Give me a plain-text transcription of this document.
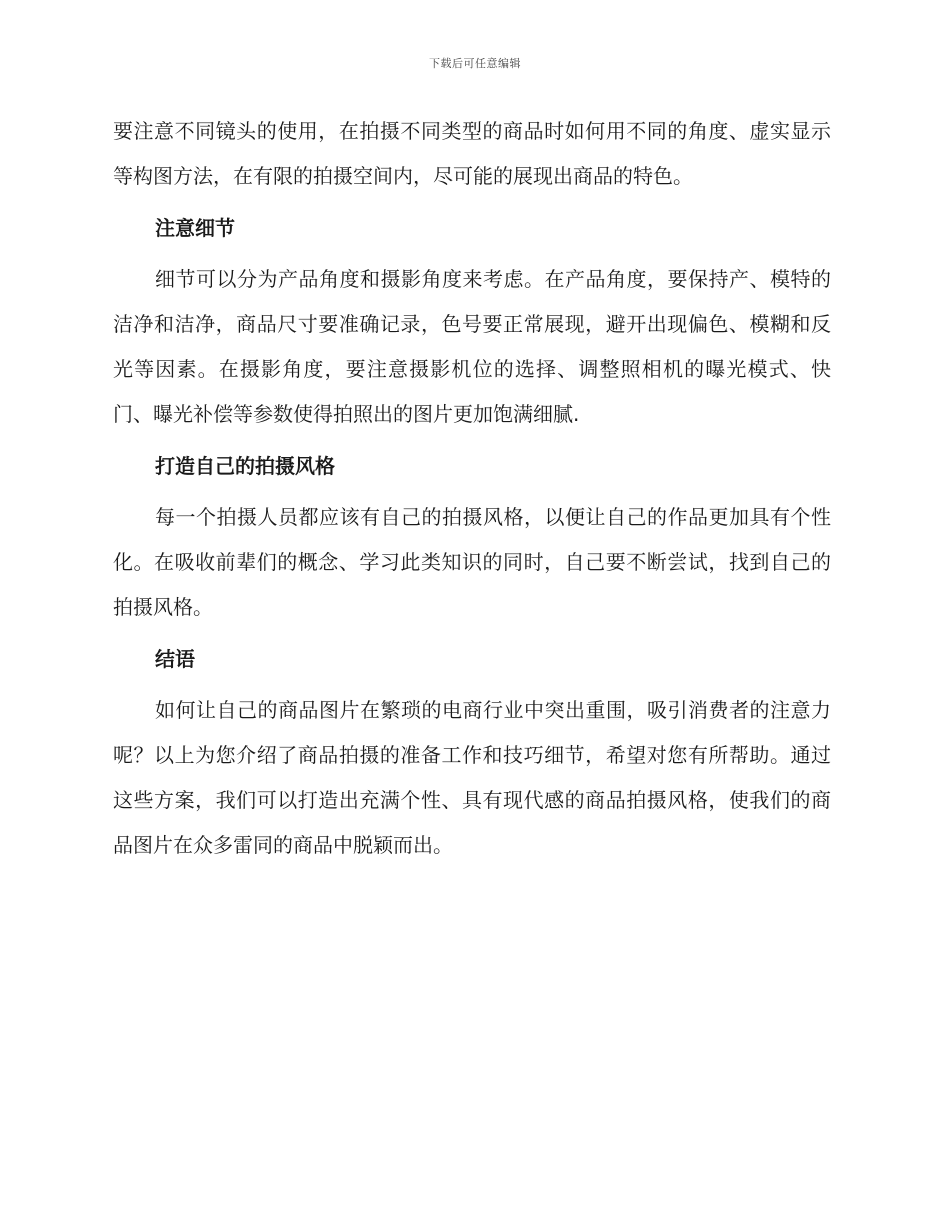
下载后可任意编辑

要注意不同镜头的使用，在拍摄不同类型的商品时如何用不同的角度、虚实显示等构图方法，在有限的拍摄空间内，尽可能的展现出商品的特色。

注意细节

细节可以分为产品角度和摄影角度来考虑。在产品角度，要保持产、模特的洁净和洁净，商品尺寸要准确记录，色号要正常展现，避开出现偏色、模糊和反光等因素。在摄影角度，要注意摄影机位的选择、调整照相机的曝光模式、快门、曝光补偿等参数使得拍照出的图片更加饱满细腻.

打造自己的拍摄风格

每一个拍摄人员都应该有自己的拍摄风格，以便让自己的作品更加具有个性化。在吸收前辈们的概念、学习此类知识的同时，自己要不断尝试，找到自己的拍摄风格。

结语

如何让自己的商品图片在繁琐的电商行业中突出重围，吸引消费者的注意力呢？以上为您介绍了商品拍摄的准备工作和技巧细节，希望对您有所帮助。通过这些方案，我们可以打造出充满个性、具有现代感的商品拍摄风格，使我们的商品图片在众多雷同的商品中脱颖而出。
